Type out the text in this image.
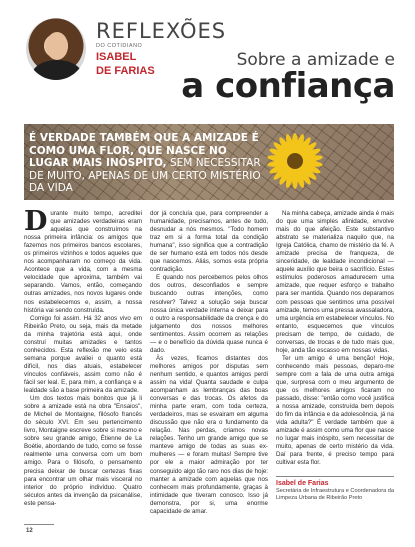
REFLEXÕES
DO COTIDIANO
ISABEL
DE FARIAS
Sobre a amizade e
a confiança
É VERDADE TAMBÉM QUE A AMIZADE É COMO UMA FLOR, QUE NASCE NO LUGAR MAIS INÓSPITO, SEM NECESSITAR DE MUITO, APENAS DE UM CERTO MISTÉRIO DA VIDA

Durante muito tempo, acreditei que amizades verdadeiras eram aquelas que construímos na nossa primeira infância: os amigos que fazemos nos primeiros bancos escolares, os primeiros vizinhos e todos aqueles que nos acompanharam no começo da vida. Acontece que a vida, com a mesma velocidade que aproxima, também vai separando. Vamos, então, começando outras amizades, nos novos lugares onde nos estabelecemos e, assim, a nossa história vai sendo construída.

Comigo foi assim. Há 32 anos vivo em Ribeirão Preto, ou seja, mais da metade da minha trajetória está aqui, onde construí muitas amizades e tantos conhecidos. Esta reflexão me veio esta semana porque avaliei o quanto está difícil, nos dias atuais, estabelecer vínculos confiáveis, assim como não é fácil ser leal. E, para mim, a confiança e a lealdade são a base primeira da amizade.

Um dos textos mais bonitos que já li sobre a amizade está na obra "Ensaios", de Michel de Montaigne, filósofo francês do século XVI. Em seu pertencimento livro, Montaigne escreve sobre si mesmo e sobre seu grande amigo, Étienne de La Boétie, abordando de tudo, como se fosse realmente uma conversa com um bom amigo. Para o filósofo, o pensamento precisa deixar de buscar certezas fixas para encontrar um olhar mais visceral no interior do próprio indivíduo. Quatro séculos antes da invenção da psicanálise, este pensa-

dor já concluía que, para compreender a humanidade, precisamos, antes de tudo, desnudar a nós mesmos. "Todo homem traz em si a forma total da condição humana", isso significa que a contradição de ser humano está em todos nós desde que nascemos. Aliás, somos esta própria contradição.

E quando nos percebemos pelos olhos dos outros, desconfiados e sempre buscando outras intenções, como resolver? Talvez a solução seja buscar nossa única verdade interna e deixar para o outro a responsabilidade da crença e do julgamento dos nossos melhores sentimentos. Assim ocorrem as relações — e o benefício da dúvida quase nunca é dado.

Às vezes, ficamos distantes dos melhores amigos por disputas sem nenhum sentido, e quantos amigos perdi assim na vida! Quanta saudade e culpa acompanham as lembranças das boas conversas e das trocas. Os afetos da minha parte eram, com toda certeza, verdadeiros, mas se esvairam em alguma discussão que não era o fundamento da relação. Nas perdas, criamos novas relações. Tenho um grande amigo que se manteve amigo de todas as suas ex-mulheres — e foram muitas! Sempre tive por ele a maior admiração por ter conseguido algo tão raro nos dias de hoje: manter a amizade com aquelas que nos conhecem mais profundamente, graças à intimidade que tiveram conosco. Isso já demonstra, por si, uma enorme capacidade de amar.

Na minha cabeça, amizade ainda é mais do que uma simples afinidade, envolve mais do que afeição. Este substantivo abstrato se materializa naquilo que, na Igreja Católica, chamo de mistério da fé. A amizade precisa de franqueza, de sinceridade, de lealdade incondicional — aquele auxílio que beira o sacrifício. Estes estímulos poderosos amadurecem uma amizade, que requer esforço e trabalho para ser mantida. Quando nos deparamos com pessoas que sentimos uma possível amizade, temos uma pressa avassaladora, uma urgência em estabelecer vínculos. No entanto, esquecemos que vínculos precisam de tempo, de cuidado, de conversas, de trocas e de tudo mais que, hoje, anda tão escasso em nossas vidas.

Ter um amigo é uma benção! Hoje, conhecendo mais pessoas, deparo-me sempre com a fala de uma outra amiga que, surpresa com o meu argumento de que os melhores amigos ficaram no passado, disse: "então como você justifica a nossa amizade, construída bem depois do fim da infância e da adolescência, já na vida adulta?" É verdade também que a amizade é assim como uma flor que nasce no lugar mais inóspito, sem necessitar de muito, apenas de certo mistério da vida. Daí para frente, é preciso tempo para cultivar esta flor.

Isabel de Farias
Secretária de Infraestrutura e Coordenadora da Limpeza Urbana de Ribeirão Preto
12
